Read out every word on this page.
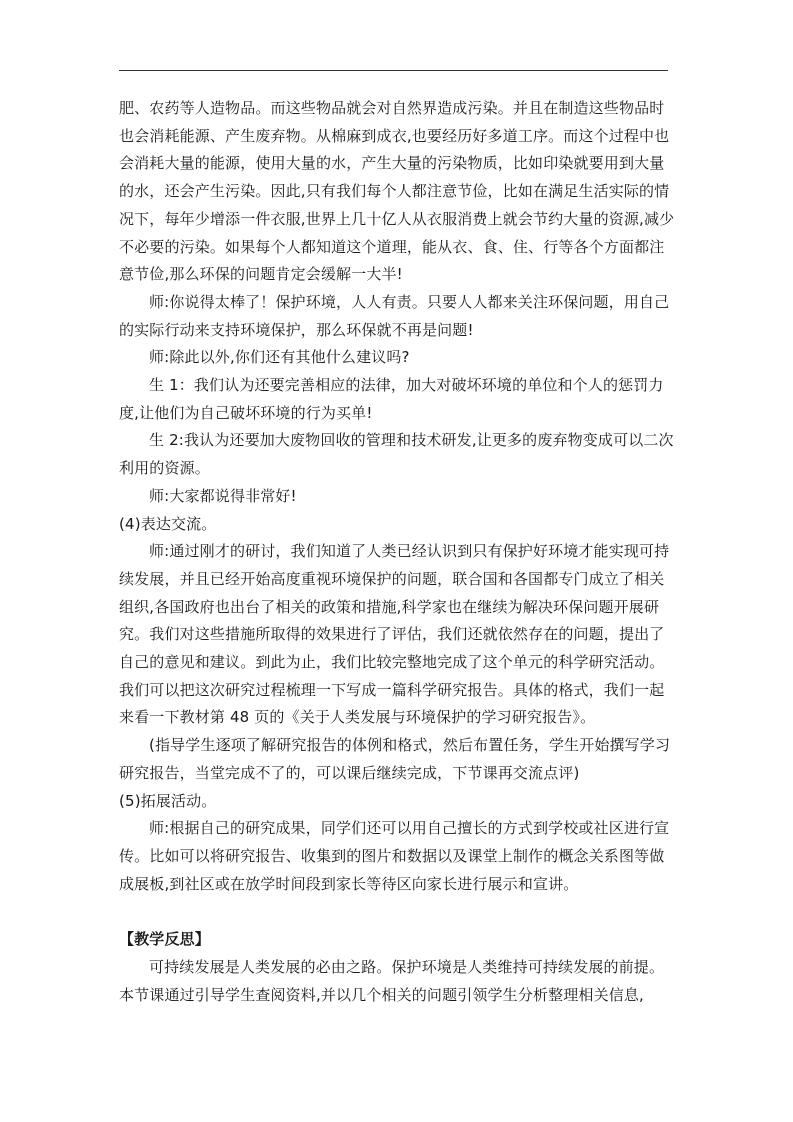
肥、农药等人造物品。而这些物品就会对自然界造成污染。并且在制造这些物品时也会消耗能源、产生废弃物。从棉麻到成衣,也要经历好多道工序。而这个过程中也会消耗大量的能源，使用大量的水，产生大量的污染物质，比如印染就要用到大量的水，还会产生污染。因此,只有我们每个人都注意节俭，比如在满足生活实际的情况下，每年少增添一件衣服,世界上几十亿人从衣服消费上就会节约大量的资源,减少不必要的污染。如果每个人都知道这个道理，能从衣、食、住、行等各个方面都注意节俭,那么环保的问题肯定会缓解一大半!

师:你说得太棒了！保护环境，人人有责。只要人人都来关注环保问题，用自己的实际行动来支持环境保护，那么环保就不再是问题!

师:除此以外,你们还有其他什么建议吗?

生 1：我们认为还要完善相应的法律，加大对破坏环境的单位和个人的惩罚力度,让他们为自己破坏环境的行为买单!

生 2:我认为还要加大废物回收的管理和技术研发,让更多的废弃物变成可以二次利用的资源。

师:大家都说得非常好!

(4)表达交流。

师:通过刚才的研讨，我们知道了人类已经认识到只有保护好环境才能实现可持续发展，并且已经开始高度重视环境保护的问题，联合国和各国都专门成立了相关组织,各国政府也出台了相关的政策和措施,科学家也在继续为解决环保问题开展研究。我们对这些措施所取得的效果进行了评估，我们还就依然存在的问题，提出了自己的意见和建议。到此为止，我们比较完整地完成了这个单元的科学研究活动。我们可以把这次研究过程梳理一下写成一篇科学研究报告。具体的格式，我们一起来看一下教材第 48 页的《关于人类发展与环境保护的学习研究报告》。

(指导学生逐项了解研究报告的体例和格式，然后布置任务，学生开始撰写学习研究报告，当堂完成不了的，可以课后继续完成，下节课再交流点评)

(5)拓展活动。

师:根据自己的研究成果，同学们还可以用自己擅长的方式到学校或社区进行宣传。比如可以将研究报告、收集到的图片和数据以及课堂上制作的概念关系图等做成展板,到社区或在放学时间段到家长等待区向家长进行展示和宣讲。

【教学反思】

可持续发展是人类发展的必由之路。保护环境是人类维持可持续发展的前提。本节课通过引导学生查阅资料,并以几个相关的问题引领学生分析整理相关信息,
